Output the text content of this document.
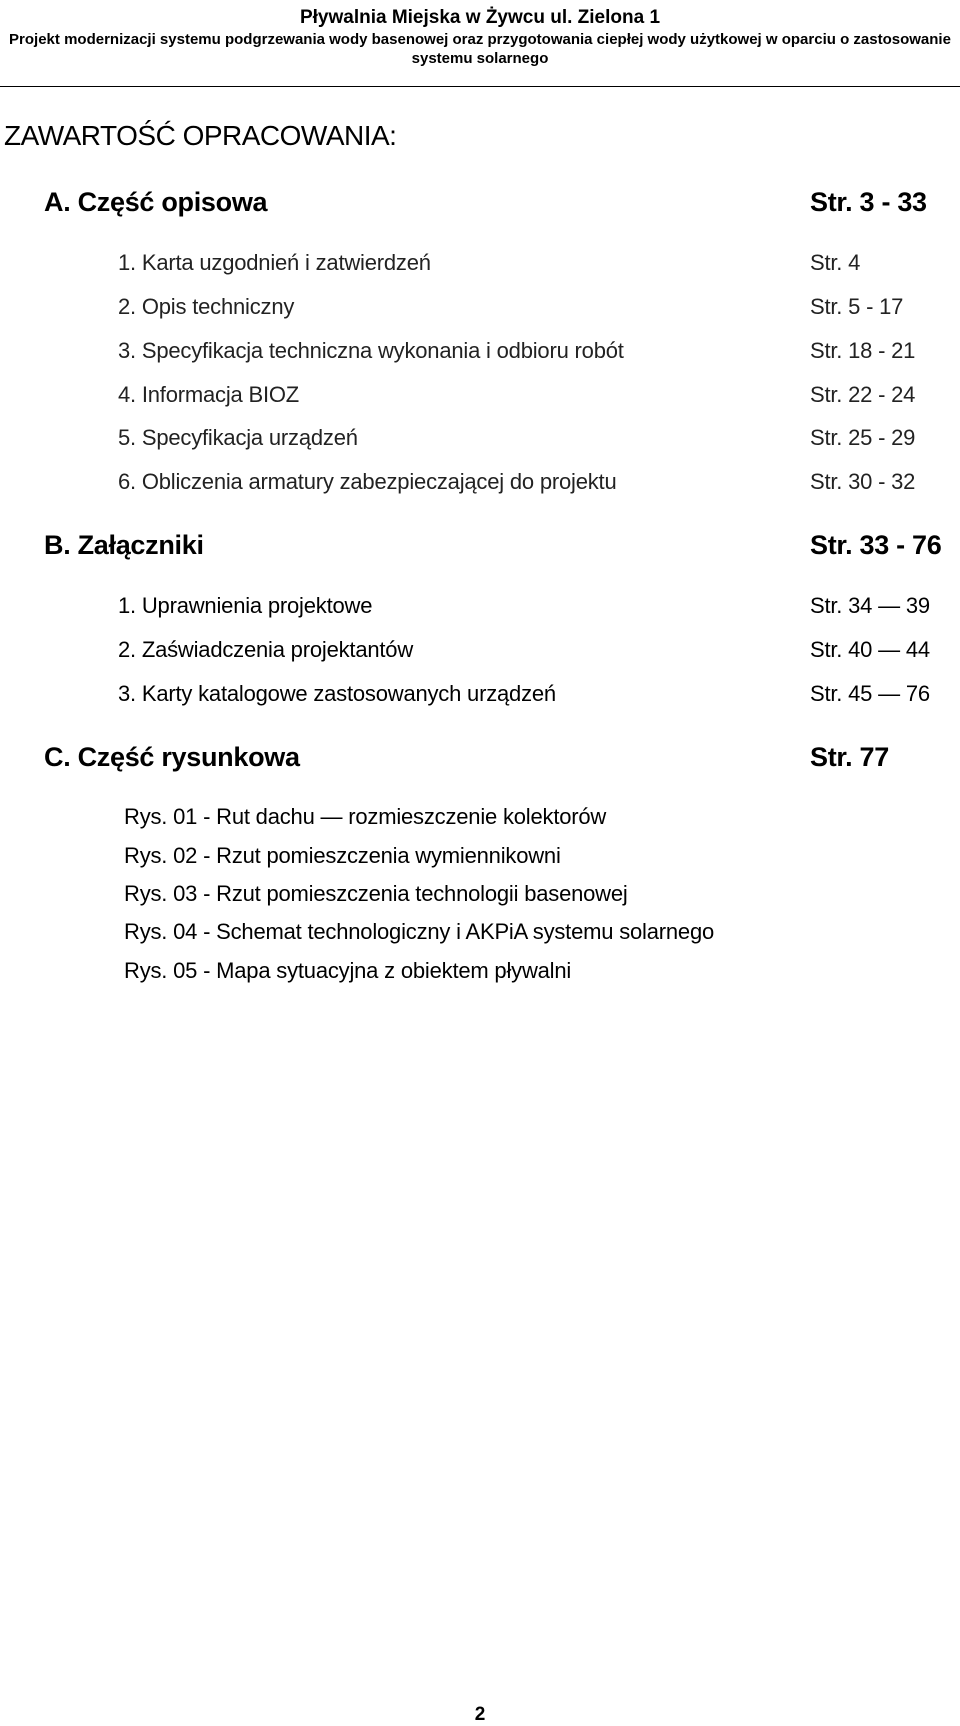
Pływalnia Miejska w Żywcu ul. Zielona 1
Projekt modernizacji systemu podgrzewania wody basenowej oraz przygotowania ciepłej wody użytkowej w oparciu o zastosowanie
systemu solarnego
ZAWARTOŚĆ OPRACOWANIA:
A. Część opisowa	Str. 3 - 33
1. Karta uzgodnień i zatwierdzeń	Str. 4
2. Opis techniczny	Str. 5 - 17
3. Specyfikacja techniczna wykonania i odbioru robót	Str. 18 - 21
4. Informacja BIOZ	Str. 22 - 24
5. Specyfikacja urządzeń	Str. 25 - 29
6. Obliczenia armatury zabezpieczającej do projektu	Str. 30 - 32
B. Załączniki	Str. 33 - 76
1. Uprawnienia projektowe	Str. 34 — 39
2. Zaświadczenia projektantów	Str. 40 — 44
3. Karty katalogowe zastosowanych urządzeń	Str. 45 — 76
C. Część rysunkowa	Str. 77
Rys. 01 - Rut dachu — rozmieszczenie kolektorów
Rys. 02 - Rzut pomieszczenia wymiennikowni
Rys. 03 - Rzut pomieszczenia technologii basenowej
Rys. 04 - Schemat technologiczny i AKPiA systemu solarnego
Rys. 05 - Mapa sytuacyjna z obiektem pływalni
2
